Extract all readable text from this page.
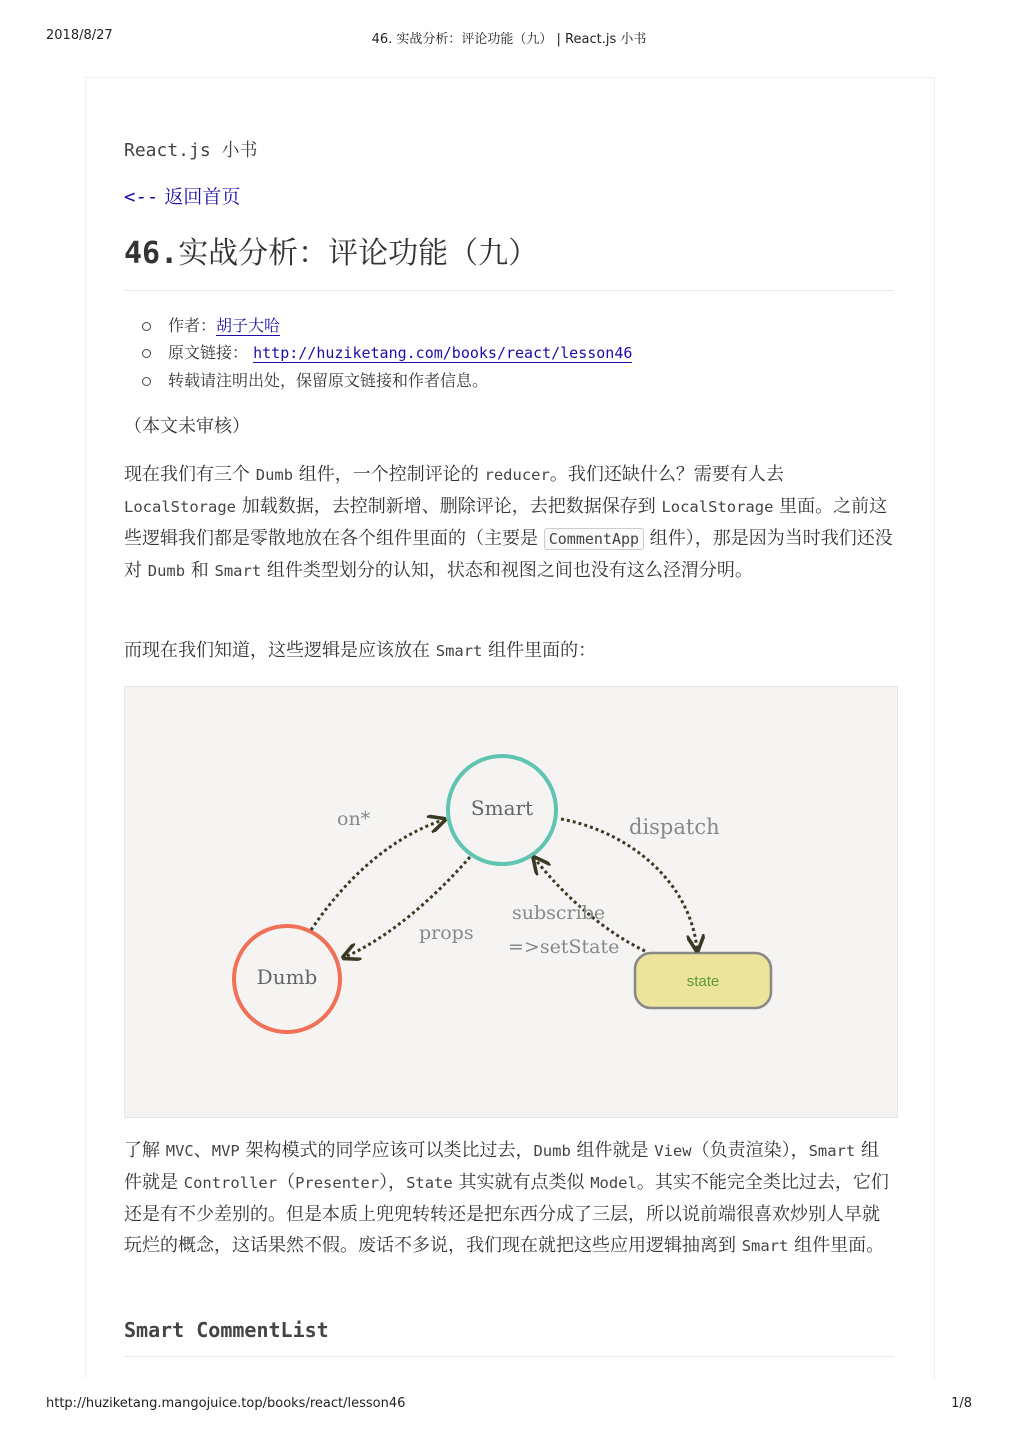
2018/8/27	46. 实战分析：评论功能（九） | React.js 小书
React.js 小书
<-- 返回首页
46.实战分析：评论功能（九）
作者：胡子大哈
原文链接： http://huziketang.com/books/react/lesson46
转载请注明出处，保留原文链接和作者信息。

（本文未审核）

现在我们有三个 Dumb 组件，一个控制评论的 reducer。我们还缺什么？需要有人去 LocalStorage 加载数据，去控制新增、删除评论，去把数据保存到 LocalStorage 里面。之前这些逻辑我们都是零散地放在各个组件里面的（主要是 CommentApp 组件），那是因为当时我们还没对 Dumb 和 Smart 组件类型划分的认知，状态和视图之间也没有这么泾渭分明。

而现在我们知道，这些逻辑是应该放在 Smart 组件里面的：

Smart
Dumb	state
on*
props
dispatch
subscribe
=>setState

了解 MVC、MVP 架构模式的同学应该可以类比过去，Dumb 组件就是 View（负责渲染），Smart 组件就是 Controller（Presenter），State 其实就有点类似 Model。其实不能完全类比过去，它们还是有不少差别的。但是本质上兜兜转转还是把东西分成了三层，所以说前端很喜欢炒别人早就玩烂的概念，这话果然不假。废话不多说，我们现在就把这些应用逻辑抽离到 Smart 组件里面。

Smart CommentList
http://huziketang.mangojuice.top/books/react/lesson46	1/8
